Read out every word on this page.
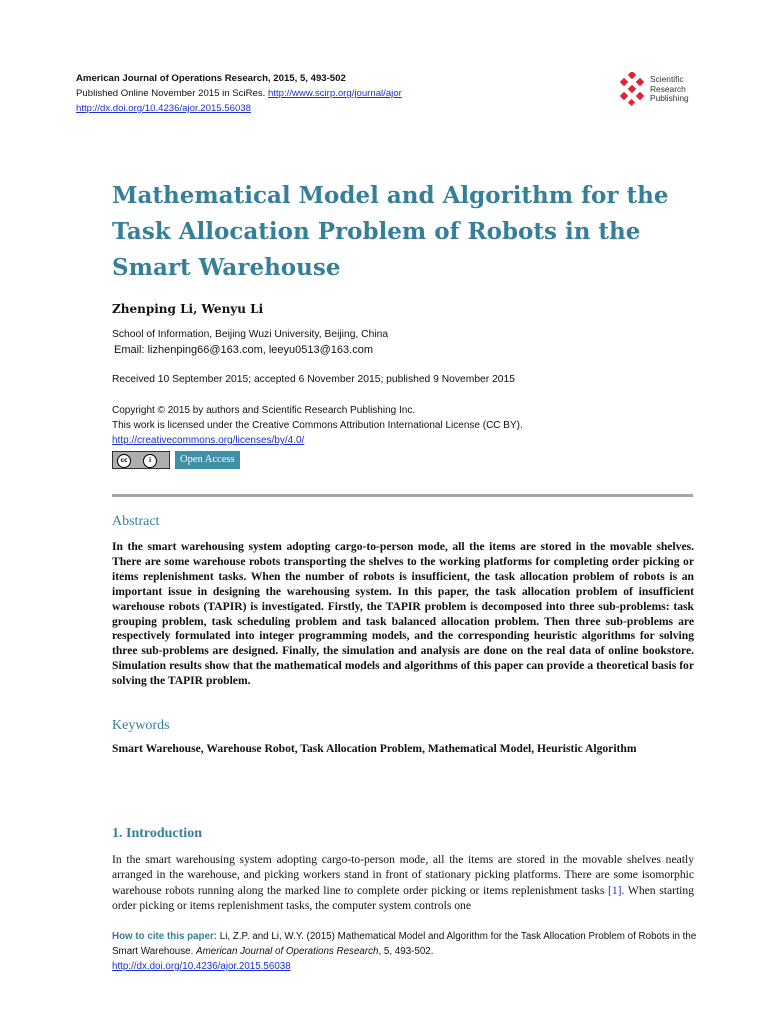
American Journal of Operations Research, 2015, 5, 493-502
Published Online November 2015 in SciRes. http://www.scirp.org/journal/ajor
http://dx.doi.org/10.4236/ajor.2015.56038
Scientific
Research
Publishing
Mathematical Model and Algorithm for the Task Allocation Problem of Robots in the Smart Warehouse
Zhenping Li, Wenyu Li
School of Information, Beijing Wuzi University, Beijing, China
Email: lizhenping66@163.com, leeyu0513@163.com
Received 10 September 2015; accepted 6 November 2015; published 9 November 2015
Copyright © 2015 by authors and Scientific Research Publishing Inc.
This work is licensed under the Creative Commons Attribution International License (CC BY).
http://creativecommons.org/licenses/by/4.0/
cc	i	Open Access
Abstract
In the smart warehousing system adopting cargo-to-person mode, all the items are stored in the movable shelves. There are some warehouse robots transporting the shelves to the working platforms for completing order picking or items replenishment tasks. When the number of robots is insufficient, the task allocation problem of robots is an important issue in designing the warehousing system. In this paper, the task allocation problem of insufficient warehouse robots (TAPIR) is investigated. Firstly, the TAPIR problem is decomposed into three sub-problems: task grouping problem, task scheduling problem and task balanced allocation problem. Then three sub-problems are respectively formulated into integer programming models, and the corresponding heuristic algorithms for solving three sub-problems are designed. Finally, the simulation and analysis are done on the real data of online bookstore. Simulation results show that the mathematical models and algorithms of this paper can provide a theoretical basis for solving the TAPIR problem.
Keywords
Smart Warehouse, Warehouse Robot, Task Allocation Problem, Mathematical Model, Heuristic Algorithm
1. Introduction
In the smart warehousing system adopting cargo-to-person mode, all the items are stored in the movable shelves neatly arranged in the warehouse, and picking workers stand in front of stationary picking platforms. There are some isomorphic warehouse robots running along the marked line to complete order picking or items replenishment tasks [1]. When starting order picking or items replenishment tasks, the computer system controls one
How to cite this paper: Li, Z.P. and Li, W.Y. (2015) Mathematical Model and Algorithm for the Task Allocation Problem of Robots in the Smart Warehouse. American Journal of Operations Research, 5, 493-502.
http://dx.doi.org/10.4236/ajor.2015.56038
